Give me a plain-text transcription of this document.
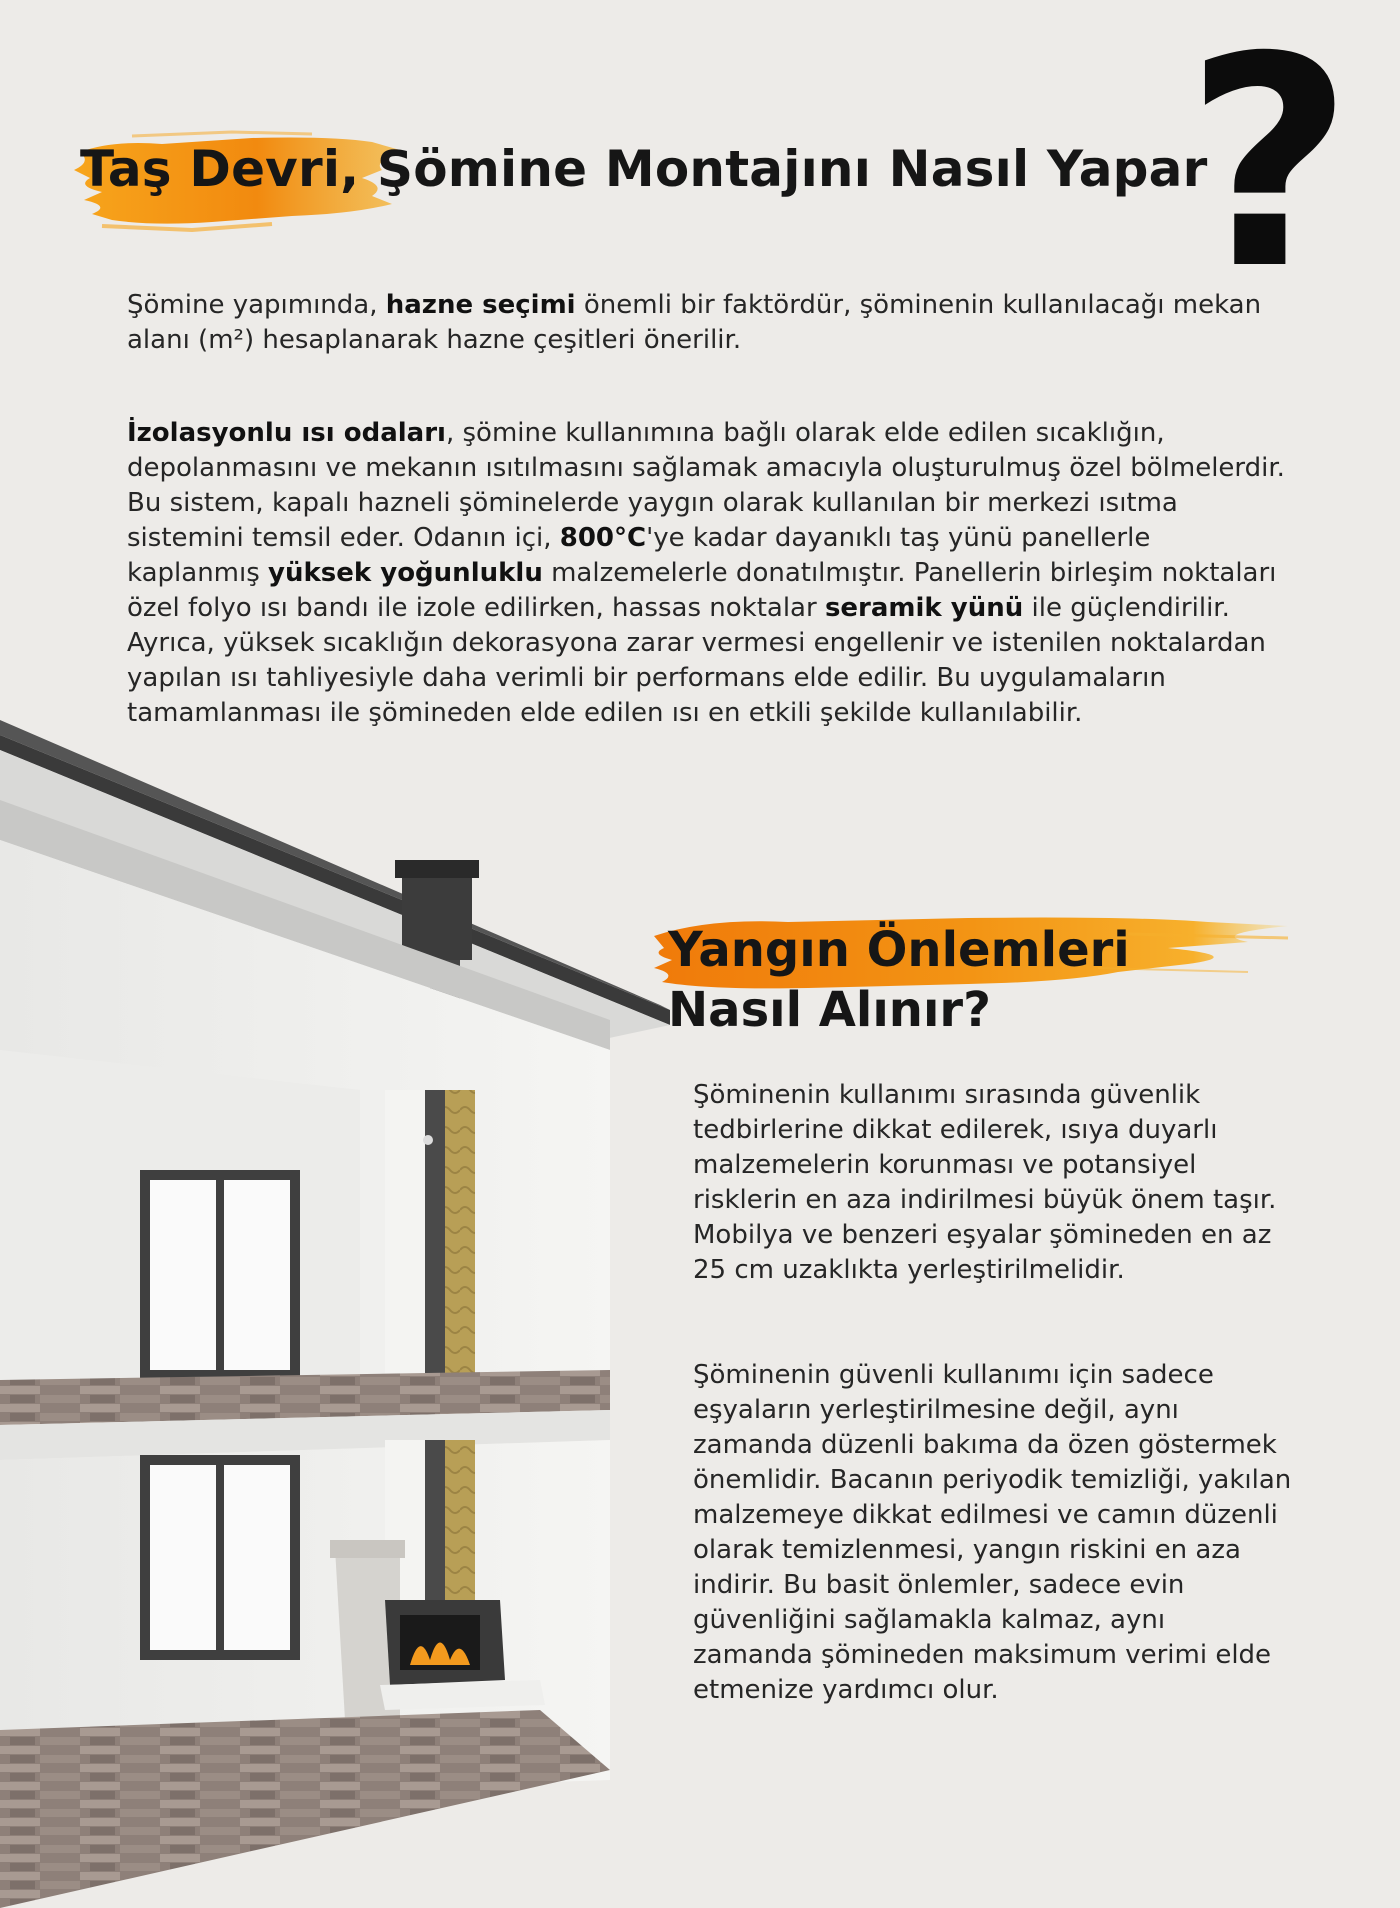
Taş Devri, Şömine Montajını Nasıl Yapar
?

Şömine yapımında, hazne seçimi önemli bir faktördür, şöminenin kullanılacağı mekan alanı (m²) hesaplanarak hazne çeşitleri önerilir.

İzolasyonlu ısı odaları, şömine kullanımına bağlı olarak elde edilen sıcaklığın, depolanmasını ve mekanın ısıtılmasını sağlamak amacıyla oluşturulmuş özel bölmelerdir. Bu sistem, kapalı hazneli şöminelerde yaygın olarak kullanılan bir merkezi ısıtma sistemini temsil eder. Odanın içi, 800°C'ye kadar dayanıklı taş yünü panellerle kaplanmış yüksek yoğunluklu malzemelerle donatılmıştır. Panellerin birleşim noktaları özel folyo ısı bandı ile izole edilirken, hassas noktalar seramik yünü ile güçlendirilir. Ayrıca, yüksek sıcaklığın dekorasyona zarar vermesi engellenir ve istenilen noktalardan yapılan ısı tahliyesiyle daha verimli bir performans elde edilir. Bu uygulamaların tamamlanması ile şömineden elde edilen ısı en etkili şekilde kullanılabilir.

Yangın Önlemleri
Nasıl Alınır?

Şöminenin kullanımı sırasında güvenlik tedbirlerine dikkat edilerek, ısıya duyarlı malzemelerin korunması ve potansiyel risklerin en aza indirilmesi büyük önem taşır. Mobilya ve benzeri eşyalar şömineden en az 25 cm uzaklıkta yerleştirilmelidir.

Şöminenin güvenli kullanımı için sadece eşyaların yerleştirilmesine değil, aynı zamanda düzenli bakıma da özen göstermek önemlidir. Bacanın periyodik temizliği, yakılan malzemeye dikkat edilmesi ve camın düzenli olarak temizlenmesi, yangın riskini en aza indirir. Bu basit önlemler, sadece evin güvenliğini sağlamakla kalmaz, aynı zamanda şömineden maksimum verimi elde etmenize yardımcı olur.
